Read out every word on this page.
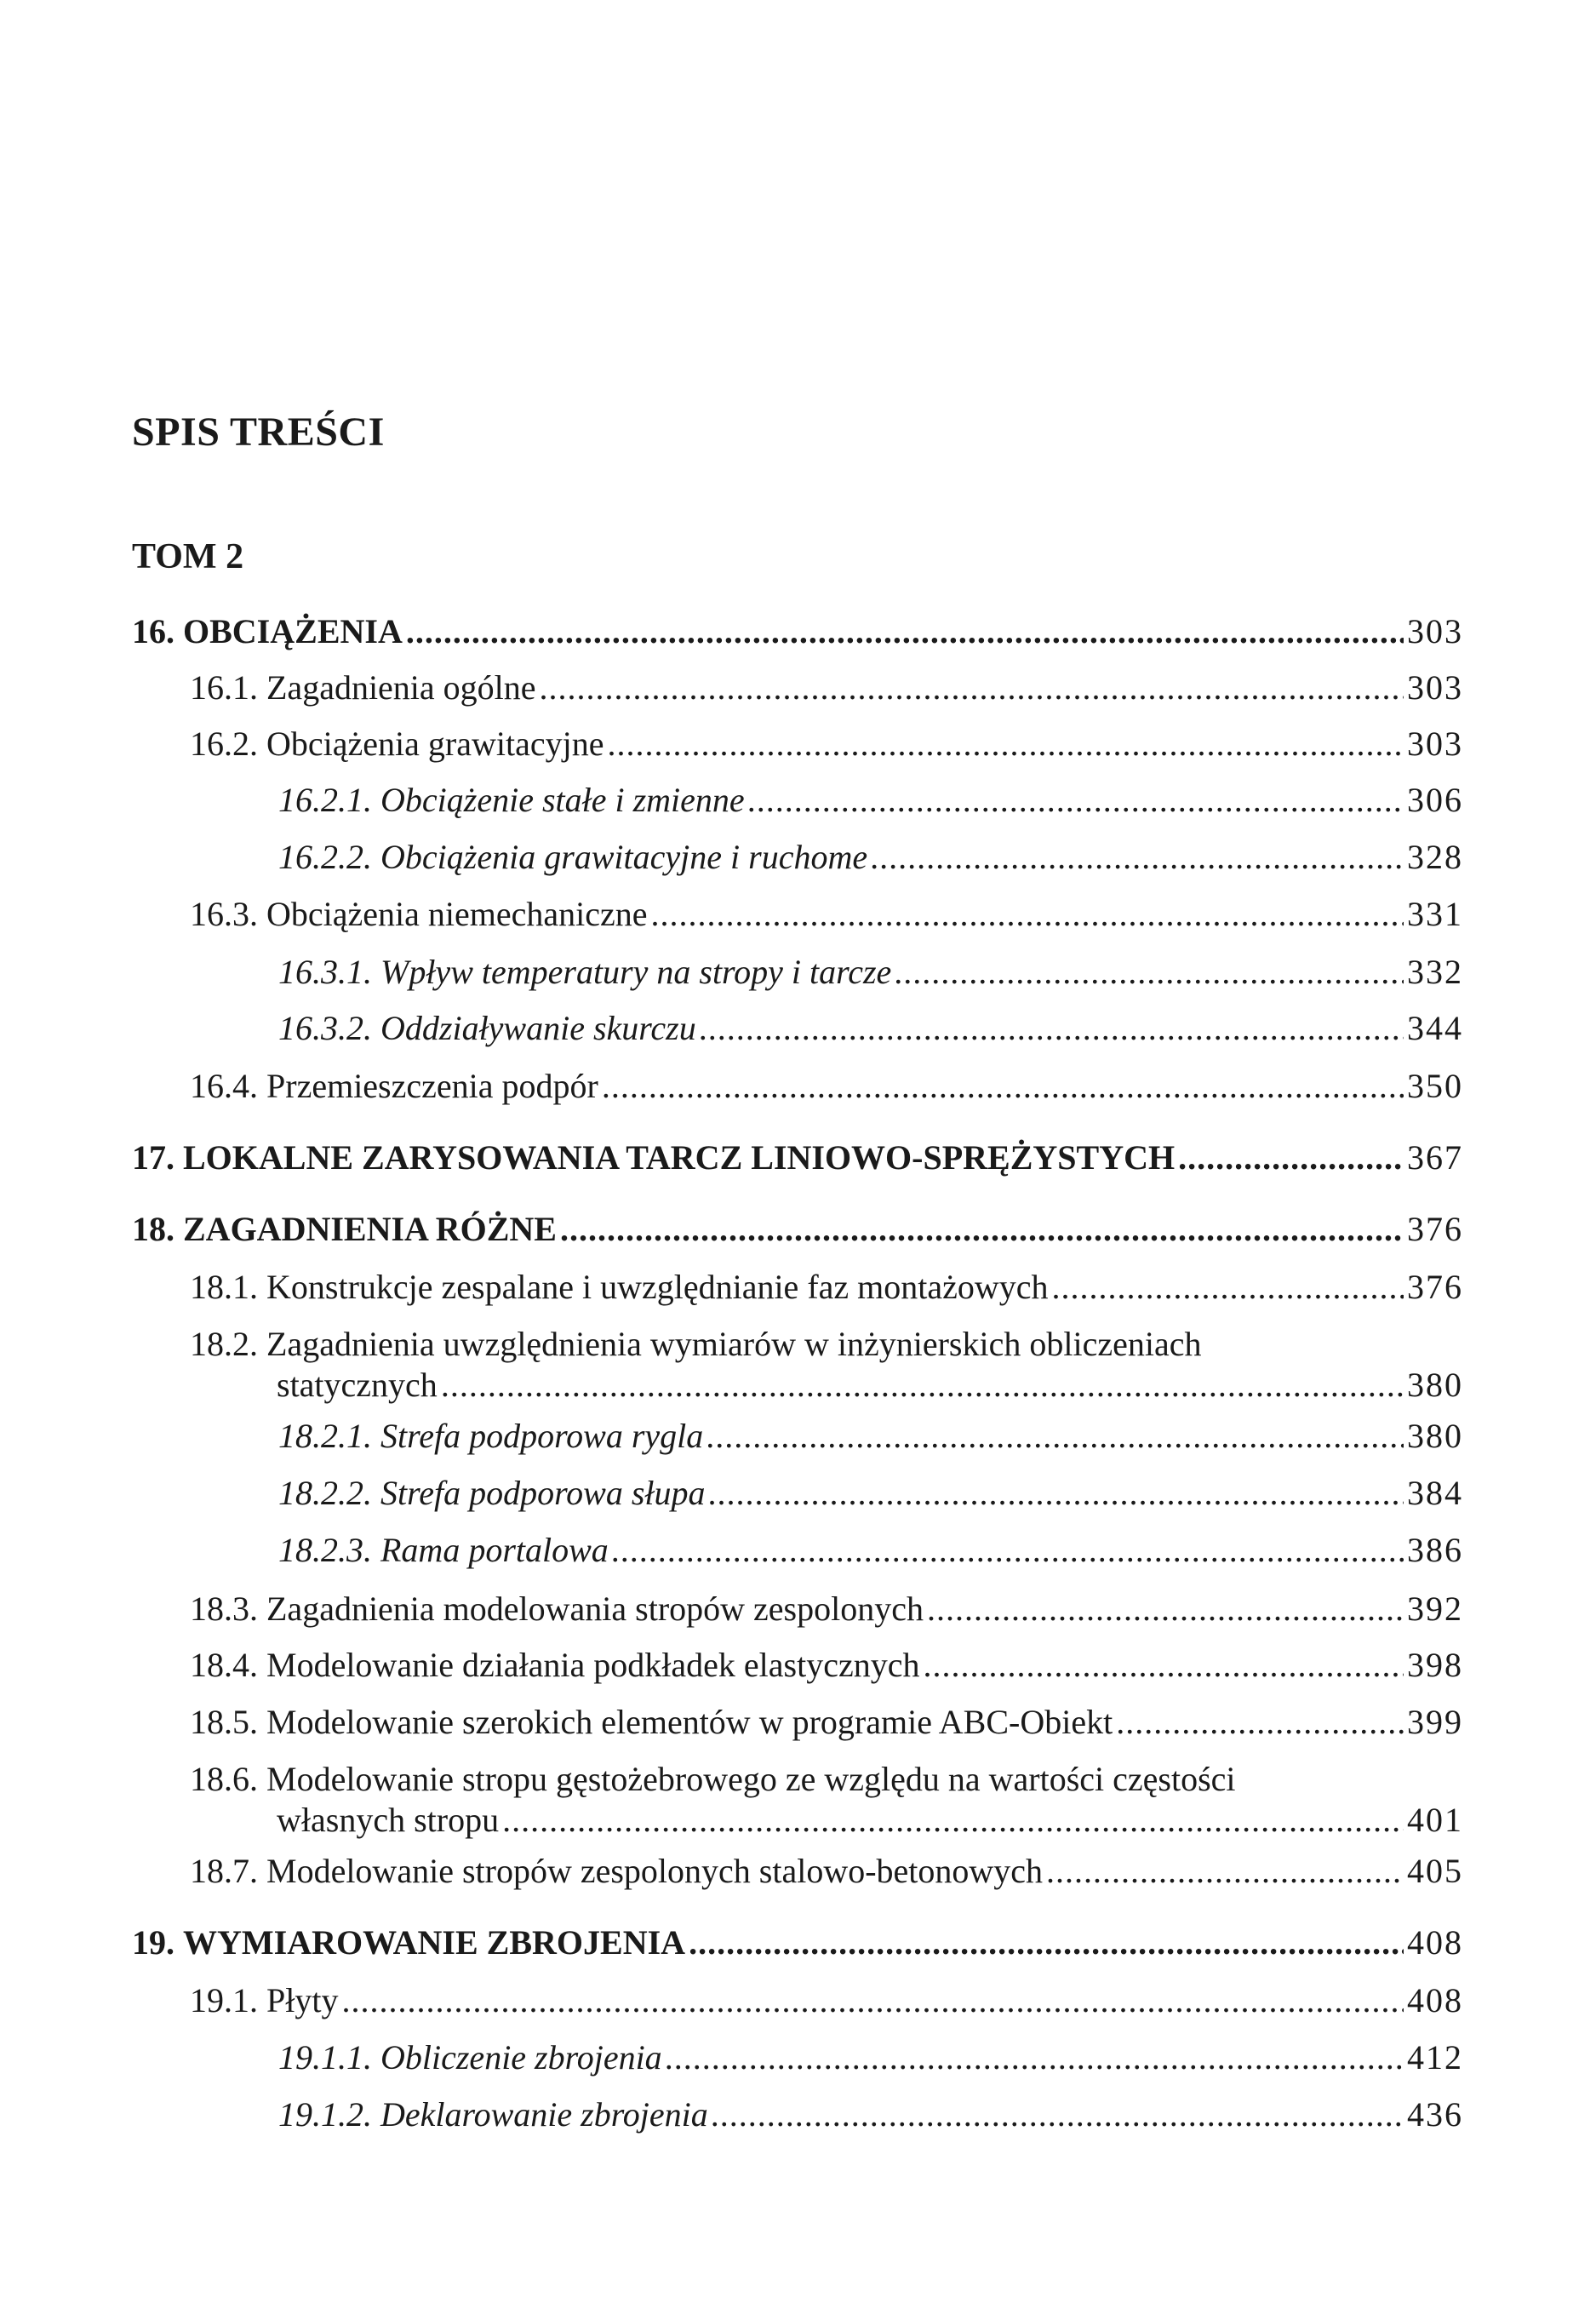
SPIS TREŚCI
TOM 2
16. OBCIĄŻENIA .....	303
16.1. Zagadnienia ogólne .....	303
16.2. Obciążenia grawitacyjne .....	303
16.2.1. Obciążenie stałe i zmienne .....	306
16.2.2. Obciążenia grawitacyjne i ruchome .....	328
16.3. Obciążenia niemechaniczne .....	331
16.3.1. Wpływ temperatury na stropy i tarcze .....	332
16.3.2. Oddziaływanie skurczu .....	344
16.4. Przemieszczenia podpór .....	350
17. LOKALNE ZARYSOWANIA TARCZ LINIOWO-SPRĘŻYSTYCH .....	367
18. ZAGADNIENIA RÓŻNE .....	376
18.1. Konstrukcje zespalane i uwzględnianie faz montażowych .....	376
18.2. Zagadnienia uwzględnienia wymiarów w inżynierskich obliczeniach
statycznych .....	380
18.2.1. Strefa podporowa rygla .....	380
18.2.2. Strefa podporowa słupa .....	384
18.2.3. Rama portalowa .....	386
18.3. Zagadnienia modelowania stropów zespolonych .....	392
18.4. Modelowanie działania podkładek elastycznych .....	398
18.5. Modelowanie szerokich elementów w programie ABC-Obiekt .....	399
18.6. Modelowanie stropu gęstożebrowego ze względu na wartości częstości
własnych stropu .....	401
18.7. Modelowanie stropów zespolonych stalowo-betonowych .....	405
19. WYMIAROWANIE ZBROJENIA .....	408
19.1. Płyty .....	408
19.1.1. Obliczenie zbrojenia .....	412
19.1.2. Deklarowanie zbrojenia .....	436
